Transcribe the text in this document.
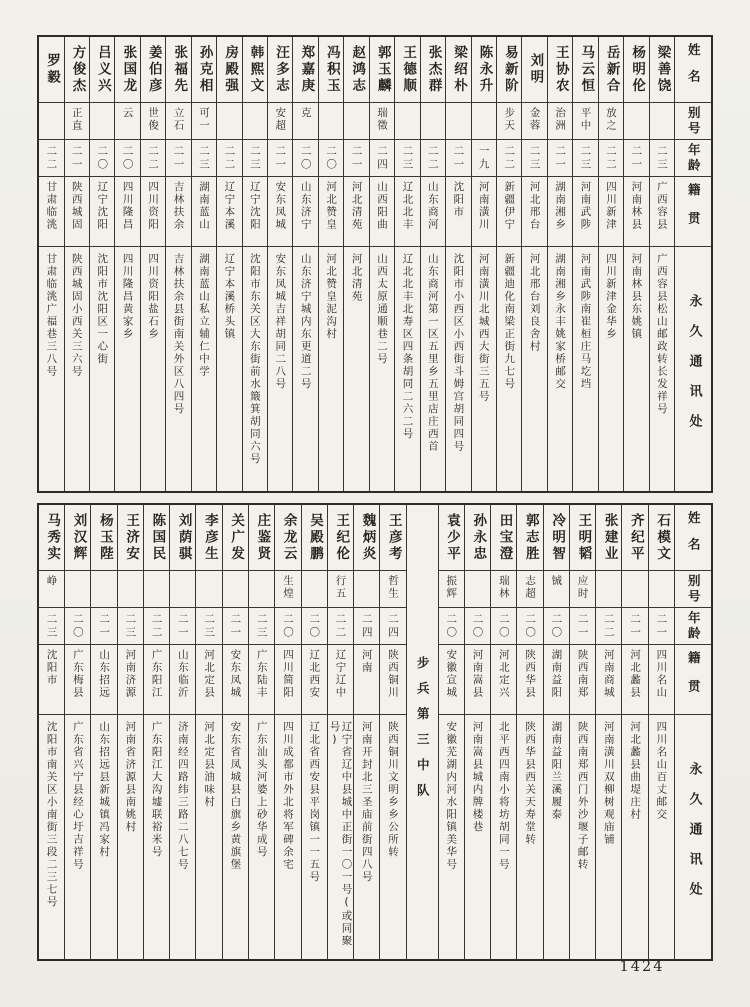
姓名
别号
年龄
籍贯
永久通讯处
梁善饶
二三
广西容县
广西容县松山邮政转长发祥号
杨明伦
二一
河南林县
河南林县东姚镇
岳新合
放之
二二
四川新津
四川新津金华乡
马云恒
平中
二三
河南武陟
河南武陟南崔桓庄马圪垱
王协农
治洲
二一
湖南湘乡
湖南湘乡永丰姚家桥邮交
刘明
金蓉
二三
河北邢台
河北邢台刘良舍村
易新阶
步天
二二
新疆伊宁
新疆迪化南梁正街九七号
陈永升
一九
河南潢川
河南潢川北城西大街三五号
梁绍朴
二一
沈阳市
沈阳市小西区小西街斗姆宫胡同四号
张杰群
二二
山东商河
山东商河第一区五里乡五里店庄西首
王德顺
二三
辽北北丰
辽北北丰北寿区四条胡同二六二号
郭玉麟
瑞徵
二四
山西阳曲
山西太原通顺巷二号
赵鸿志
二一
河北清苑
河北清苑
冯积玉
二〇
河北赞皇
河北赞皇泥沟村
郑嘉庚
克
二〇
山东济宁
山东济宁城内东更道二号
汪多志
安超
二一
安东凤城
安东凤城吉祥胡同二八号
韩熙文
二三
辽宁沈阳
沈阳市东关区大东街前水簸箕胡同六号
房殿强
二二
辽宁本溪
辽宁本溪桥头镇
孙克相
可一
二三
湖南蓝山
湖南蓝山私立辅仁中学
张福先
立石
二一
吉林扶余
吉林扶余县街南关外区八四号
姜伯彦
世俊
二二
四川资阳
四川资阳盐石乡
张国龙
云
二〇
四川隆昌
四川隆昌黄家乡
吕义兴
二〇
辽宁沈阳
沈阳市沈阳区一心街
方俊杰
正直
二一
陕西城固
陕西城固小西关三六号
罗毅
二二
甘肃临洮
甘肃临洮广福巷三八号
姓名
别号
年龄
籍贯
永久通讯处
石模文
二一
四川名山
四川名山百丈邮交
齐纪平
二一
河北蠡县
河北蠡县曲堤庄村
张建业
二二
河南商城
河南潢川双柳树观庙铺
王明韬
应时
二一
陕西南郑
陕西南郑西门外沙堰子邮转
冷明智
铖
二〇
湖南益阳
湖南益阳兰溪履泰
郭志胜
志超
二〇
陕西华县
陕西华县西关天寿堂转
田宝澄
瑞林
二〇
河北定兴
北平西四南小将坊胡同一号
孙永忠
二〇
河南嵩县
河南嵩县城内牌楼巷
袁少平
振辉
二〇
安徽宣城
安徽芜湖内河水阳镇美华号
步兵第三中队
王彦考
哲生
二四
陕西铜川
陕西铜川文明乡乡公所转
魏炳炎
二四
河南
河南开封北三圣庙前街四八号
王纪伦
行五
二二
辽宁辽中
辽宁省辽中县城中正街一〇一号(或同聚号)
吴殿鹏
二〇
辽北西安
辽北省西安县平岗镇一一五号
余龙云
生煌
二〇
四川简阳
四川成都市外北将军碑余宅
庄鉴贤
二三
广东陆丰
广东汕头河婆上砂华成号
关广发
二一
安东凤城
安东省凤城县白旗乡黄旗堡
李彦生
二三
河北定县
河北定县油味村
刘荫骐
二一
山东临沂
济南经四路纬三路二八七号
陈国民
二二
广东阳江
广东阳江大沟墟联裕米号
王济安
二三
河南济源
河南省济源县南姚村
杨玉陛
二一
山东招远
山东招远县新城镇冯家村
刘汉辉
二〇
广东梅县
广东省兴宁县经心圩吉祥号
马秀实
峥
二三
沈阳市
沈阳市南关区小南街三段二三七号
1424
